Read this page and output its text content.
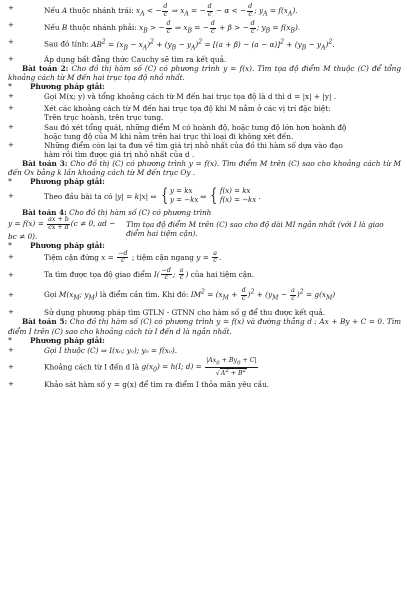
+	Nếu A thuộc nhánh trái: $x_A$ < − $\frac{d}{c}$ ⇒ $x_A$ = − $\frac{d}{c} - \alpha$ < − $\frac{d}{c}$ ; $y_A = f(x_A)$.
+	Nếu B thuộc nhánh phải: $x_B$ > − $\frac{d}{c}$ ⇒ $x_B$ = − $\frac{d}{c} + \beta$ > − $\frac{d}{c}$ ; $y_B = f(x_B)$.
+	Sau đó tính: $AB^2 = (x_B - x_A)^2 + (y_B - y_A)^2 = [(a + \beta) - (a - \alpha)]^2 + (y_B - y_A)^2$.
+	Áp dụng bất đẳng thức Cauchy sẽ tìm ra kết quả.
Bài toán 2: Cho đồ thị hàm số (C) có phương trình y = f(x). Tìm tọa độ điểm M thuộc (C) để tổng khoảng cách từ M đến hai trục tọa độ nhỏ nhất.
*	Phương pháp giải:
+	Gọi M(x; y) và tổng khoảng cách từ M đến hai trục tọa độ là d thì d = |x| + |y| .
+	Xét các khoảng cách từ M đến hai trục tọa độ khi M nằm ở các vị trí đặc biệt:
Trên trục hoành, trên trục tung.
+	Sau đó xét tổng quát, những điểm M có hoành độ, hoặc tung độ lớn hơn hoành độ
hoặc tung độ của M khi nằm trên hai trục thì loại đi không xét đến.
+	Những điểm còn lại ta đưa về tìm giá trị nhỏ nhất của đồ thi hàm số dựa vào đạo
hàm rồi tìm được giá trị nhỏ nhất của d .
Bài toán 3: Cho đồ thị (C) có phương trình y = f(x). Tìm điểm M trên (C) sao cho khoảng cách từ M đến Ox bằng k lần khoảng cách từ M đến trục Oy .
*	Phương pháp giải:
+	Theo đầu bài ta có |y| = k|x| ⇔ { y = kx
y = −kx ⇔ { f(x) = kx
f(x) = −kx .
Bài toán 4: Cho đồ thị hàm số (C) có phương trình
$y = f(x) = \frac{ax + b}{cx + d} (c \ne 0$, ad − bc ≠ 0).
Tìm tọa độ điểm M trên (C) sao cho độ dài MI ngắn nhất (với I là giao điểm hai tiệm cận).
*	Phương pháp giải:
+	Tiệm cận đứng $x = \frac{-d}{c}$ ; tiệm cận ngang $y = \frac{a}{c}$ .
+	Ta tìm được tọa độ giao điểm $I( \frac{-d}{c}$ ; $\frac{a}{c}$ ) của hai tiệm cận.
+	Gọi $M(x_M$; $y_M$) là điểm cần tìm. Khi đó: $IM^2 = (x_M + \frac{d}{c} )^2 + (y_M - \frac{a}{c} )^2 = g(x_M)$
+	Sử dụng phương pháp tìm GTLN - GTNN cho hàm số g để thu được kết quả.
Bài toán 5: Cho đồ thị hàm số (C) có phương trình y = f(x) và đường thẳng d : Ax + By + C = 0. Tìm điểm I trên (C) sao cho khoảng cách từ I đến d là ngắn nhất.
*	Phương pháp giải:
+	Gọi I thuộc (C) ⇒ I(x₀; y₀); y₀ = f(x₀).
+	Khoảng cách từ I đến d là $g(x_0) = h(I$; $d) = \frac{|Ax_0 + By_0 + C|}{√A^2 + B^2}$
+	Khảo sát hàm số y = g(x) để tìm ra điểm I thỏa mãn yêu cầu.
